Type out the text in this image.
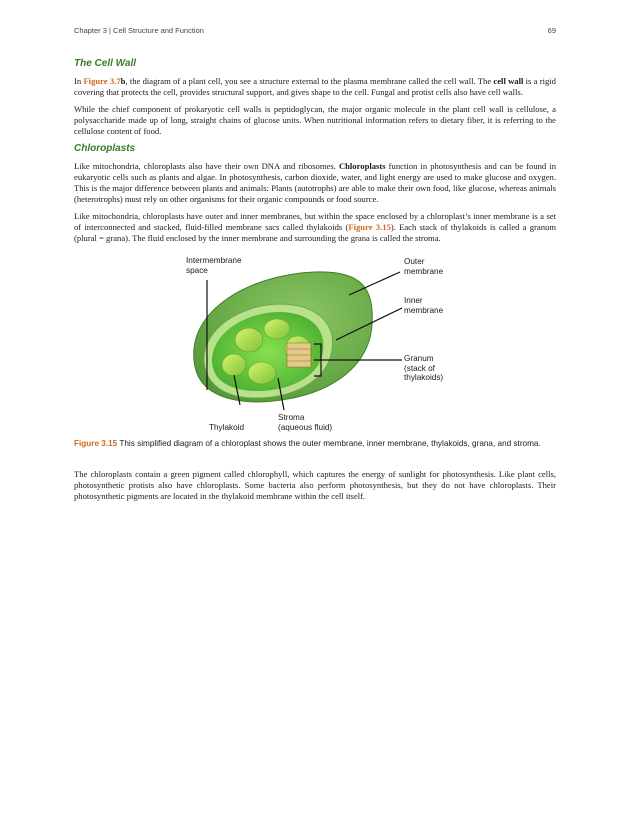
Chapter 3 | Cell Structure and Function	69
The Cell Wall

In Figure 3.7b, the diagram of a plant cell, you see a structure external to the plasma membrane called the cell wall. The cell wall is a rigid covering that protects the cell, provides structural support, and gives shape to the cell. Fungal and protist cells also have cell walls.

While the chief component of prokaryotic cell walls is peptidoglycan, the major organic molecule in the plant cell wall is cellulose, a polysaccharide made up of long, straight chains of glucose units. When nutritional information refers to dietary fiber, it is referring to the cellulose content of food.

Chloroplasts

Like mitochondria, chloroplasts also have their own DNA and ribosomes. Chloroplasts function in photosynthesis and can be found in eukaryotic cells such as plants and algae. In photosynthesis, carbon dioxide, water, and light energy are used to make glucose and oxygen. This is the major difference between plants and animals: Plants (autotrophs) are able to make their own food, like glucose, whereas animals (heterotrophs) must rely on other organisms for their organic compounds or food source.

Like mitochondria, chloroplasts have outer and inner membranes, but within the space enclosed by a chloroplast’s inner membrane is a set of interconnected and stacked, fluid-filled membrane sacs called thylakoids (Figure 3.15). Each stack of thylakoids is called a granum (plural = grana). The fluid enclosed by the inner membrane and surrounding the grana is called the stroma.

Intermembrane
space
Outer
membrane
Inner
membrane
Granum
(stack of
thylakoids)
Stroma
(aqueous fluid)
Thylakoid

Figure 3.15 This simplified diagram of a chloroplast shows the outer membrane, inner membrane, thylakoids, grana, and stroma.

The chloroplasts contain a green pigment called chlorophyll, which captures the energy of sunlight for photosynthesis. Like plant cells, photosynthetic protists also have chloroplasts. Some bacteria also perform photosynthesis, but they do not have chloroplasts. Their photosynthetic pigments are located in the thylakoid membrane within the cell itself.
